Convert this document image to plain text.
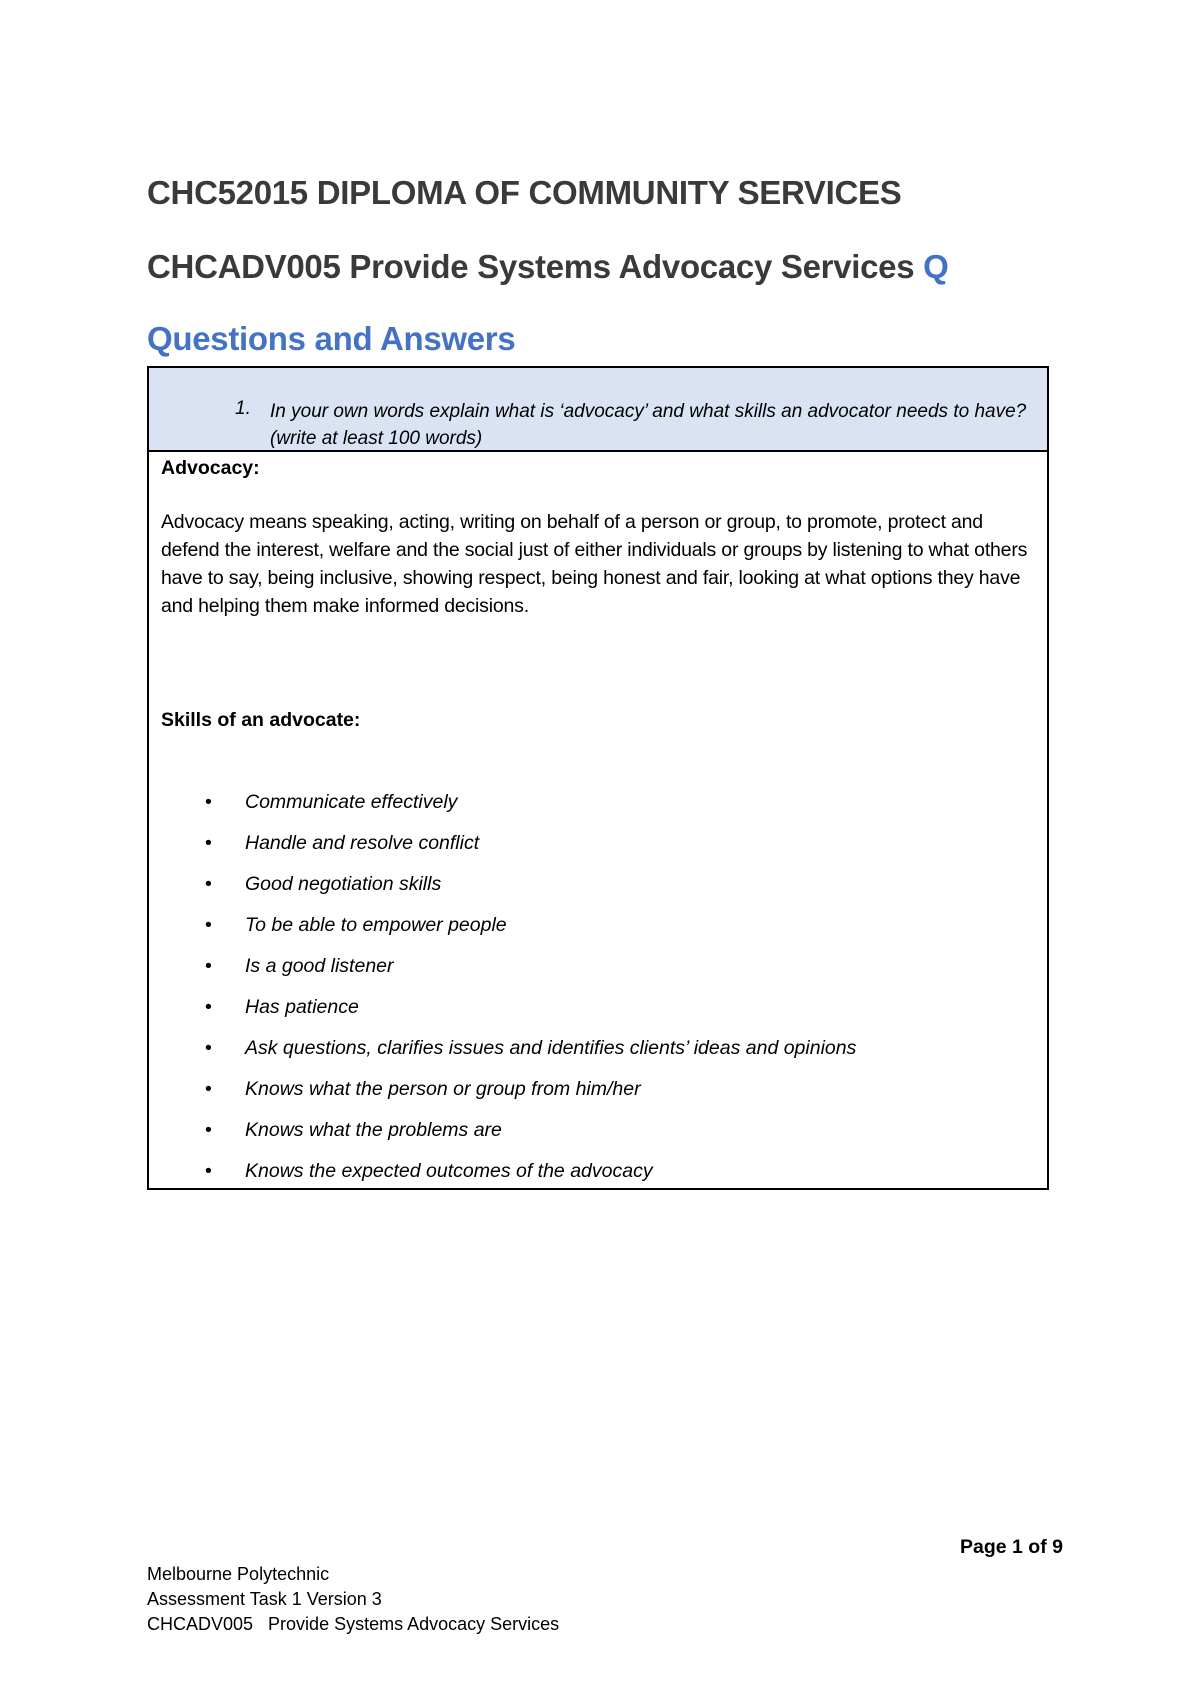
CHC52015 DIPLOMA OF COMMUNITY SERVICES
CHCADV005 Provide Systems Advocacy Services Q
Questions and Answers
1. In your own words explain what is ‘advocacy’ and what skills an advocator needs to have? (write at least 100 words)
Advocacy:
Advocacy means speaking, acting, writing on behalf of a person or group, to promote, protect and defend the interest, welfare and the social just of either individuals or groups by listening to what others have to say, being inclusive, showing respect, being honest and fair, looking at what options they have and helping them make informed decisions.
Skills of an advocate:
• Communicate effectively
• Handle and resolve conflict
• Good negotiation skills
• To be able to empower people
• Is a good listener
• Has patience
• Ask questions, clarifies issues and identifies clients’ ideas and opinions
• Knows what the person or group from him/her
• Knows what the problems are
• Knows the expected outcomes of the advocacy
Page 1 of 9
Melbourne Polytechnic
Assessment Task 1 Version 3
CHCADV005   Provide Systems Advocacy Services
